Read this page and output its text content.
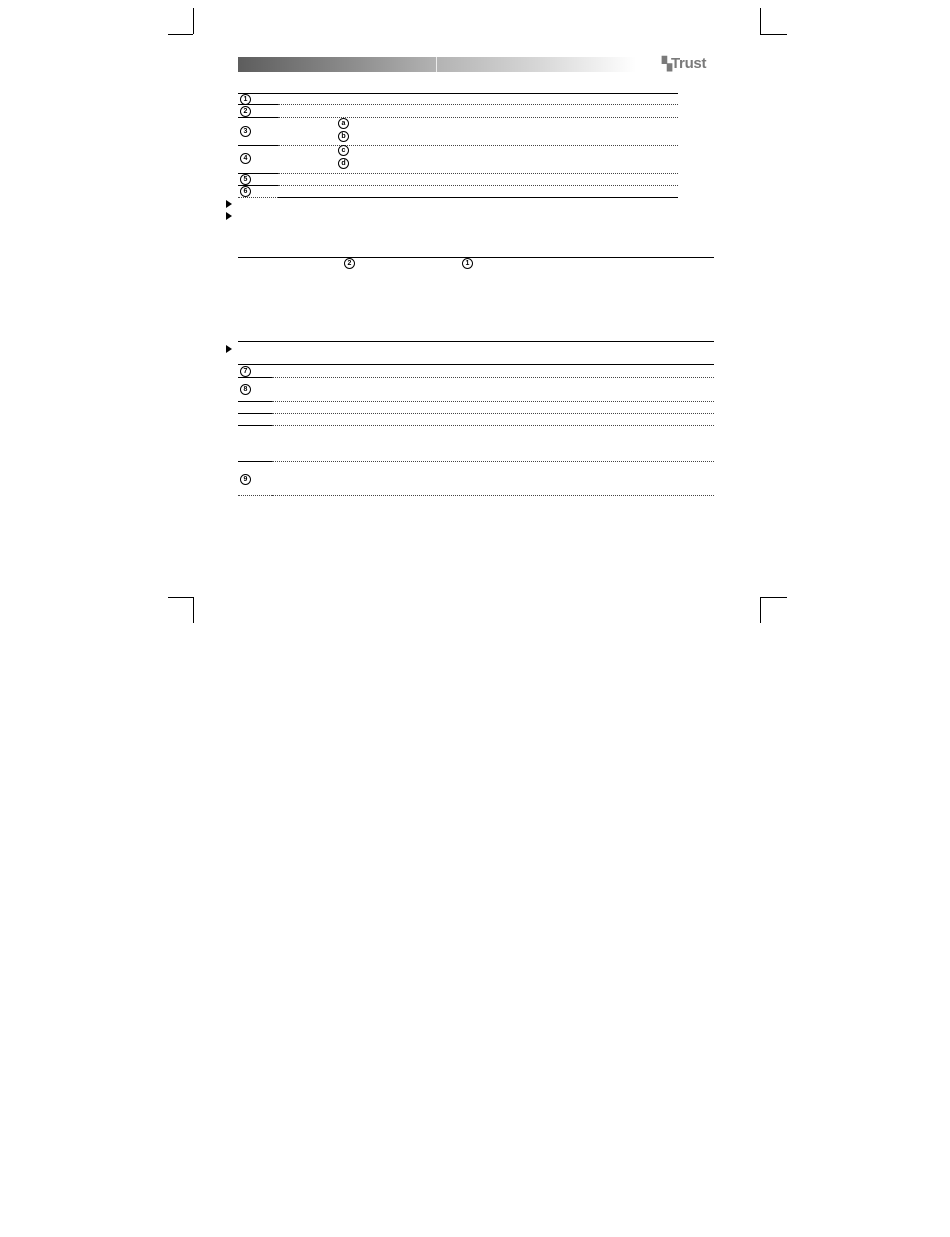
▚Trust
1
2
3
a
b
4
c
d
5
6
2	1
7
8
9
